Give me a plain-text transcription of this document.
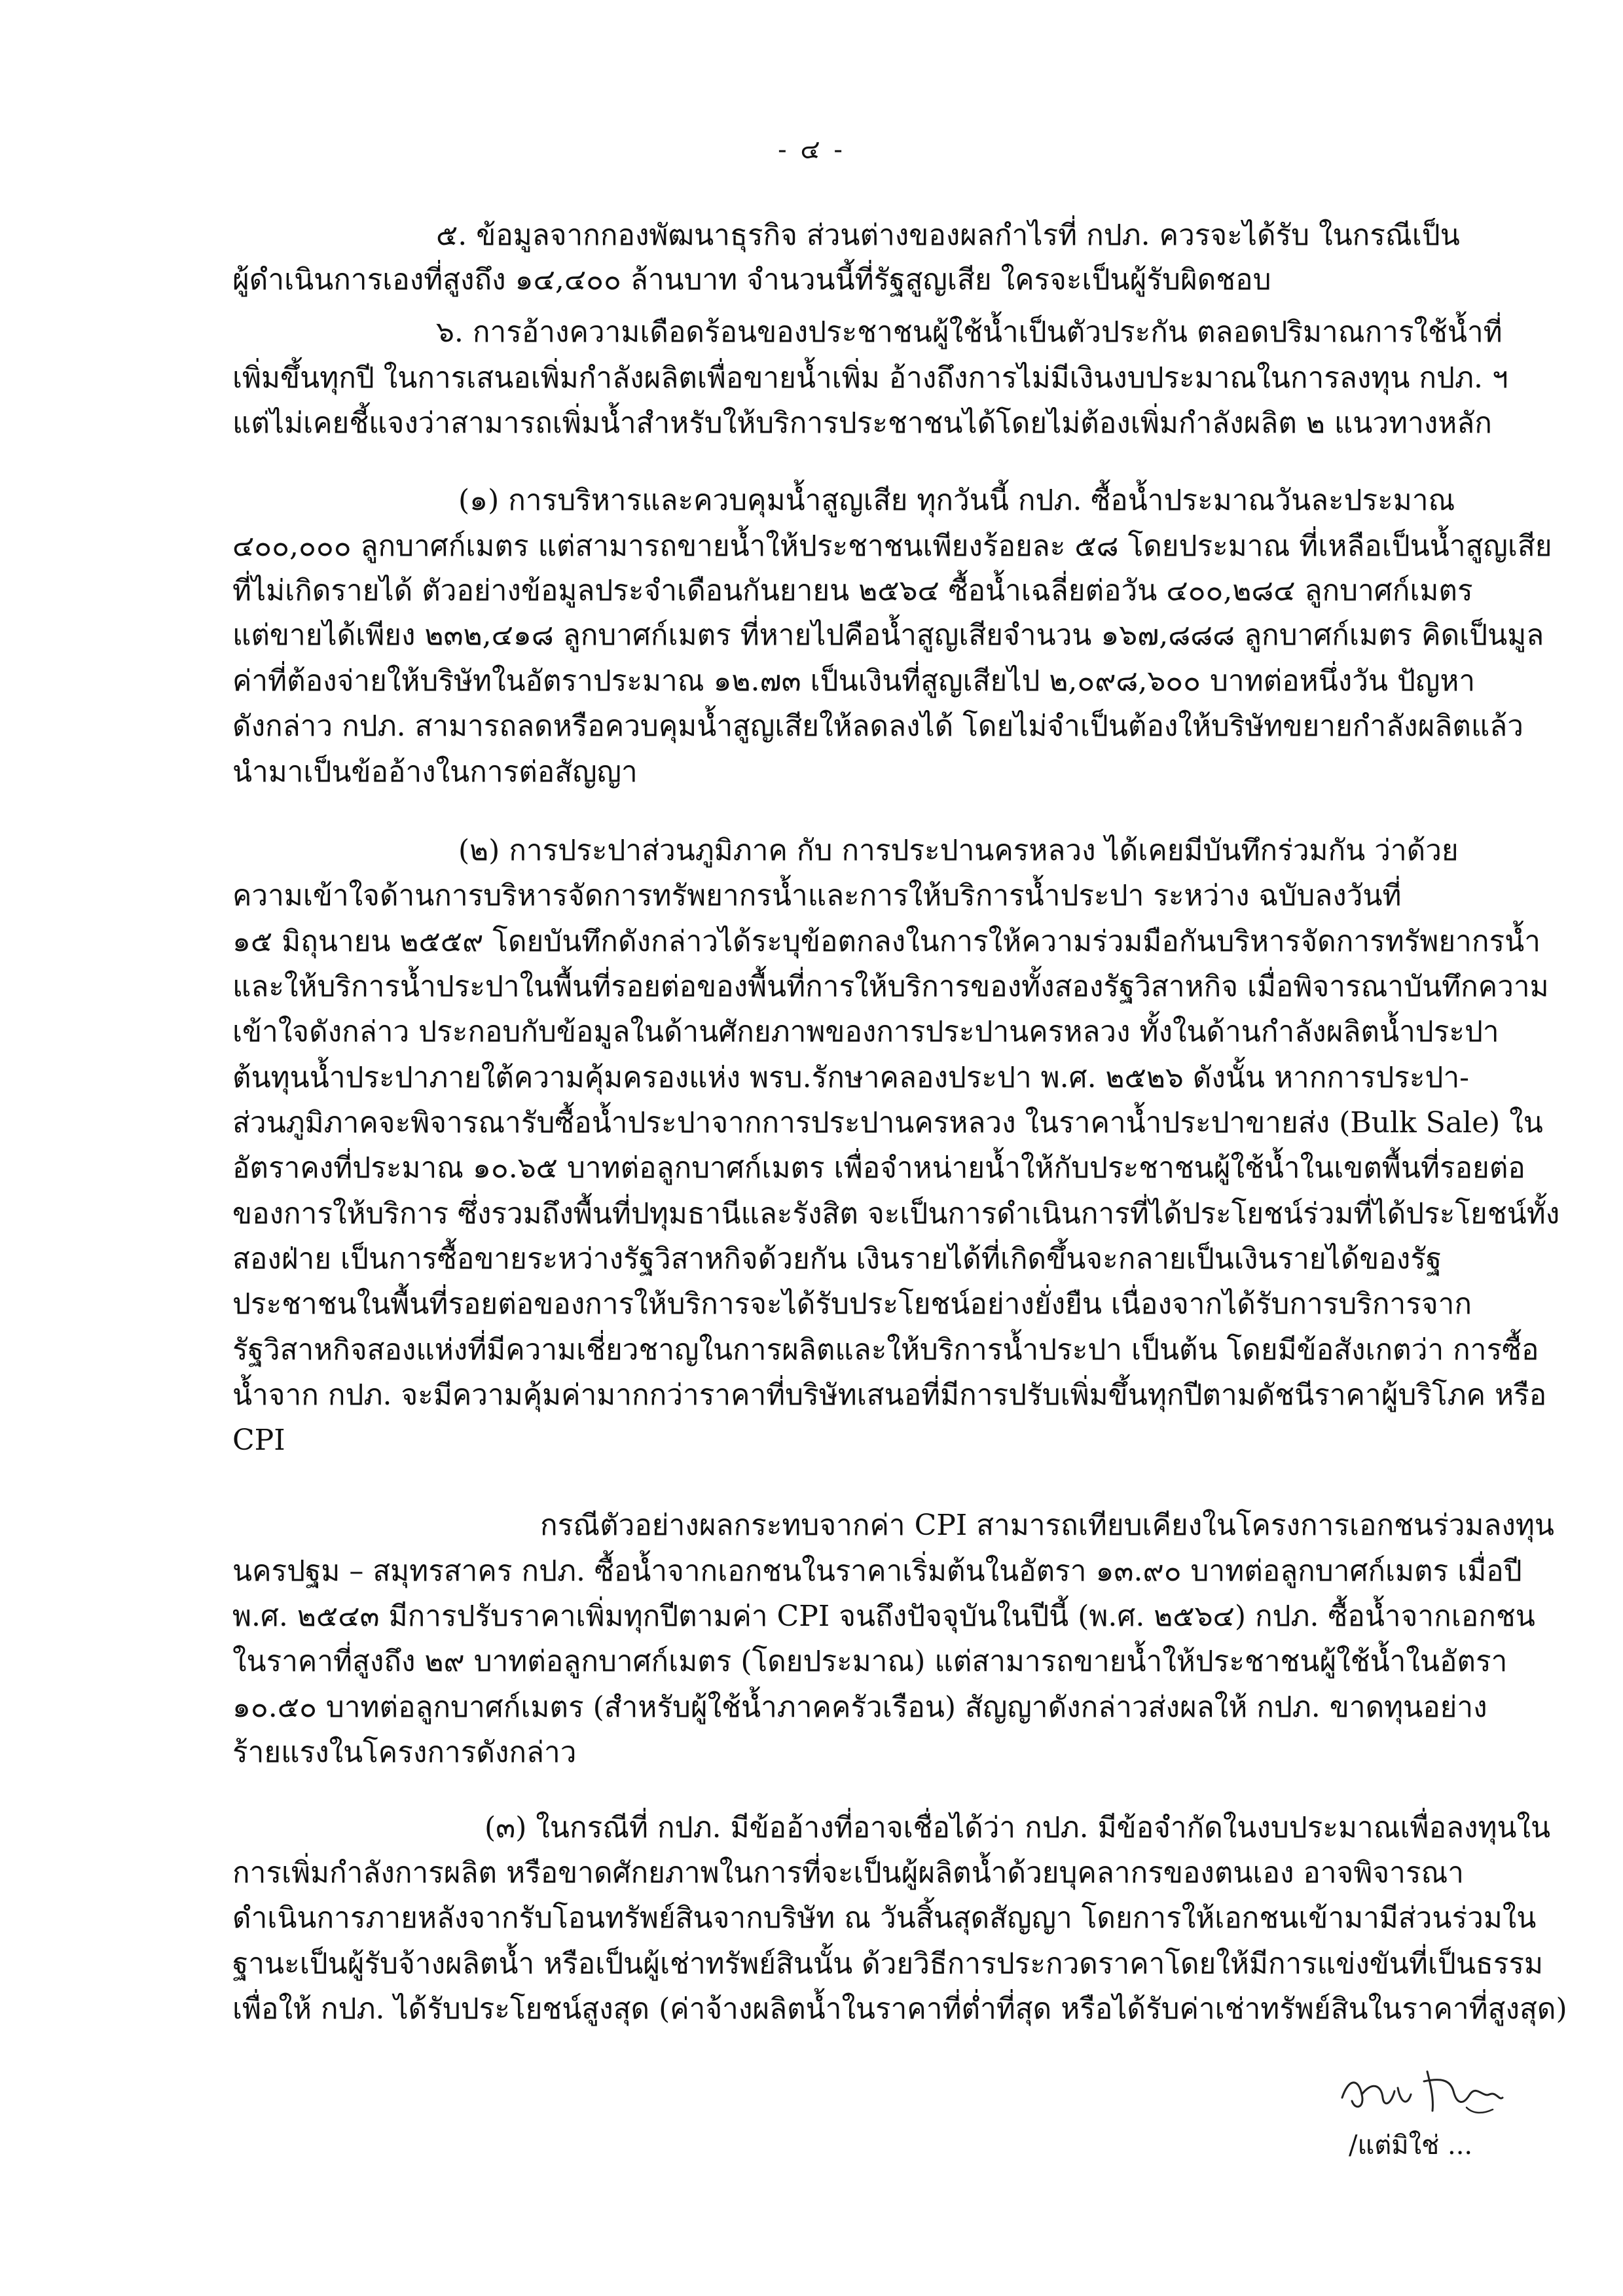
- ๔ -
๕. ข้อมูลจากกองพัฒนาธุรกิจ ส่วนต่างของผลกำไรที่ กปภ. ควรจะได้รับ ในกรณีเป็น
ผู้ดำเนินการเองที่สูงถึง ๑๔,๔๐๐ ล้านบาท จำนวนนี้ที่รัฐสูญเสีย ใครจะเป็นผู้รับผิดชอบ
๖. การอ้างความเดือดร้อนของประชาชนผู้ใช้น้ำเป็นตัวประกัน ตลอดปริมาณการใช้น้ำที่
เพิ่มขึ้นทุกปี ในการเสนอเพิ่มกำลังผลิตเพื่อขายน้ำเพิ่ม อ้างถึงการไม่มีเงินงบประมาณในการลงทุน กปภ. ฯ
แต่ไม่เคยชี้แจงว่าสามารถเพิ่มน้ำสำหรับให้บริการประชาชนได้โดยไม่ต้องเพิ่มกำลังผลิต ๒ แนวทางหลัก
(๑) การบริหารและควบคุมน้ำสูญเสีย ทุกวันนี้ กปภ. ซื้อน้ำประมาณวันละประมาณ
๔๐๐,๐๐๐ ลูกบาศก์เมตร แต่สามารถขายน้ำให้ประชาชนเพียงร้อยละ ๕๘ โดยประมาณ ที่เหลือเป็นน้ำสูญเสีย
ที่ไม่เกิดรายได้ ตัวอย่างข้อมูลประจำเดือนกันยายน ๒๕๖๔ ซื้อน้ำเฉลี่ยต่อวัน ๔๐๐,๒๘๔ ลูกบาศก์เมตร
แต่ขายได้เพียง ๒๓๒,๔๑๘ ลูกบาศก์เมตร ที่หายไปคือน้ำสูญเสียจำนวน ๑๖๗,๘๘๘ ลูกบาศก์เมตร คิดเป็นมูล
ค่าที่ต้องจ่ายให้บริษัทในอัตราประมาณ ๑๒.๗๓ เป็นเงินที่สูญเสียไป ๒,๐๙๘,๖๐๐ บาทต่อหนึ่งวัน ปัญหา
ดังกล่าว กปภ. สามารถลดหรือควบคุมน้ำสูญเสียให้ลดลงได้ โดยไม่จำเป็นต้องให้บริษัทขยายกำลังผลิตแล้ว
นำมาเป็นข้ออ้างในการต่อสัญญา
(๒) การประปาส่วนภูมิภาค กับ การประปานครหลวง ได้เคยมีบันทึกร่วมกัน ว่าด้วย
ความเข้าใจด้านการบริหารจัดการทรัพยากรน้ำและการให้บริการน้ำประปา ระหว่าง ฉบับลงวันที่
๑๕ มิถุนายน ๒๕๕๙ โดยบันทึกดังกล่าวได้ระบุข้อตกลงในการให้ความร่วมมือกันบริหารจัดการทรัพยากรน้ำ
และให้บริการน้ำประปาในพื้นที่รอยต่อของพื้นที่การให้บริการของทั้งสองรัฐวิสาหกิจ เมื่อพิจารณาบันทึกความ
เข้าใจดังกล่าว ประกอบกับข้อมูลในด้านศักยภาพของการประปานครหลวง ทั้งในด้านกำลังผลิตน้ำประปา
ต้นทุนน้ำประปาภายใต้ความคุ้มครองแห่ง พรบ.รักษาคลองประปา พ.ศ. ๒๕๒๖ ดังนั้น หากการประปา-
ส่วนภูมิภาคจะพิจารณารับซื้อน้ำประปาจากการประปานครหลวง ในราคาน้ำประปาขายส่ง (Bulk Sale) ใน
อัตราคงที่ประมาณ ๑๐.๖๕ บาทต่อลูกบาศก์เมตร เพื่อจำหน่ายน้ำให้กับประชาชนผู้ใช้น้ำในเขตพื้นที่รอยต่อ
ของการให้บริการ ซึ่งรวมถึงพื้นที่ปทุมธานีและรังสิต จะเป็นการดำเนินการที่ได้ประโยชน์ร่วมที่ได้ประโยชน์ทั้ง
สองฝ่าย เป็นการซื้อขายระหว่างรัฐวิสาหกิจด้วยกัน เงินรายได้ที่เกิดขึ้นจะกลายเป็นเงินรายได้ของรัฐ
ประชาชนในพื้นที่รอยต่อของการให้บริการจะได้รับประโยชน์อย่างยั่งยืน เนื่องจากได้รับการบริการจาก
รัฐวิสาหกิจสองแห่งที่มีความเชี่ยวชาญในการผลิตและให้บริการน้ำประปา เป็นต้น โดยมีข้อสังเกตว่า การซื้อ
น้ำจาก กปภ. จะมีความคุ้มค่ามากกว่าราคาที่บริษัทเสนอที่มีการปรับเพิ่มขึ้นทุกปีตามดัชนีราคาผู้บริโภค หรือ
CPI
กรณีตัวอย่างผลกระทบจากค่า CPI สามารถเทียบเคียงในโครงการเอกชนร่วมลงทุน
นครปฐม – สมุทรสาคร กปภ. ซื้อน้ำจากเอกชนในราคาเริ่มต้นในอัตรา ๑๓.๙๐ บาทต่อลูกบาศก์เมตร เมื่อปี
พ.ศ. ๒๕๔๓ มีการปรับราคาเพิ่มทุกปีตามค่า CPI จนถึงปัจจุบันในปีนี้ (พ.ศ. ๒๕๖๔) กปภ. ซื้อน้ำจากเอกชน
ในราคาที่สูงถึง ๒๙ บาทต่อลูกบาศก์เมตร (โดยประมาณ) แต่สามารถขายน้ำให้ประชาชนผู้ใช้น้ำในอัตรา
๑๐.๕๐ บาทต่อลูกบาศก์เมตร (สำหรับผู้ใช้น้ำภาคครัวเรือน) สัญญาดังกล่าวส่งผลให้ กปภ. ขาดทุนอย่าง
ร้ายแรงในโครงการดังกล่าว
(๓) ในกรณีที่ กปภ. มีข้ออ้างที่อาจเชื่อได้ว่า กปภ. มีข้อจำกัดในงบประมาณเพื่อลงทุนใน
การเพิ่มกำลังการผลิต หรือขาดศักยภาพในการที่จะเป็นผู้ผลิตน้ำด้วยบุคลากรของตนเอง อาจพิจารณา
ดำเนินการภายหลังจากรับโอนทรัพย์สินจากบริษัท ณ วันสิ้นสุดสัญญา โดยการให้เอกชนเข้ามามีส่วนร่วมใน
ฐานะเป็นผู้รับจ้างผลิตน้ำ หรือเป็นผู้เช่าทรัพย์สินนั้น ด้วยวิธีการประกวดราคาโดยให้มีการแข่งขันที่เป็นธรรม
เพื่อให้ กปภ. ได้รับประโยชน์สูงสุด (ค่าจ้างผลิตน้ำในราคาที่ต่ำที่สุด หรือได้รับค่าเช่าทรัพย์สินในราคาที่สูงสุด)
/แต่มิใช่ ...
